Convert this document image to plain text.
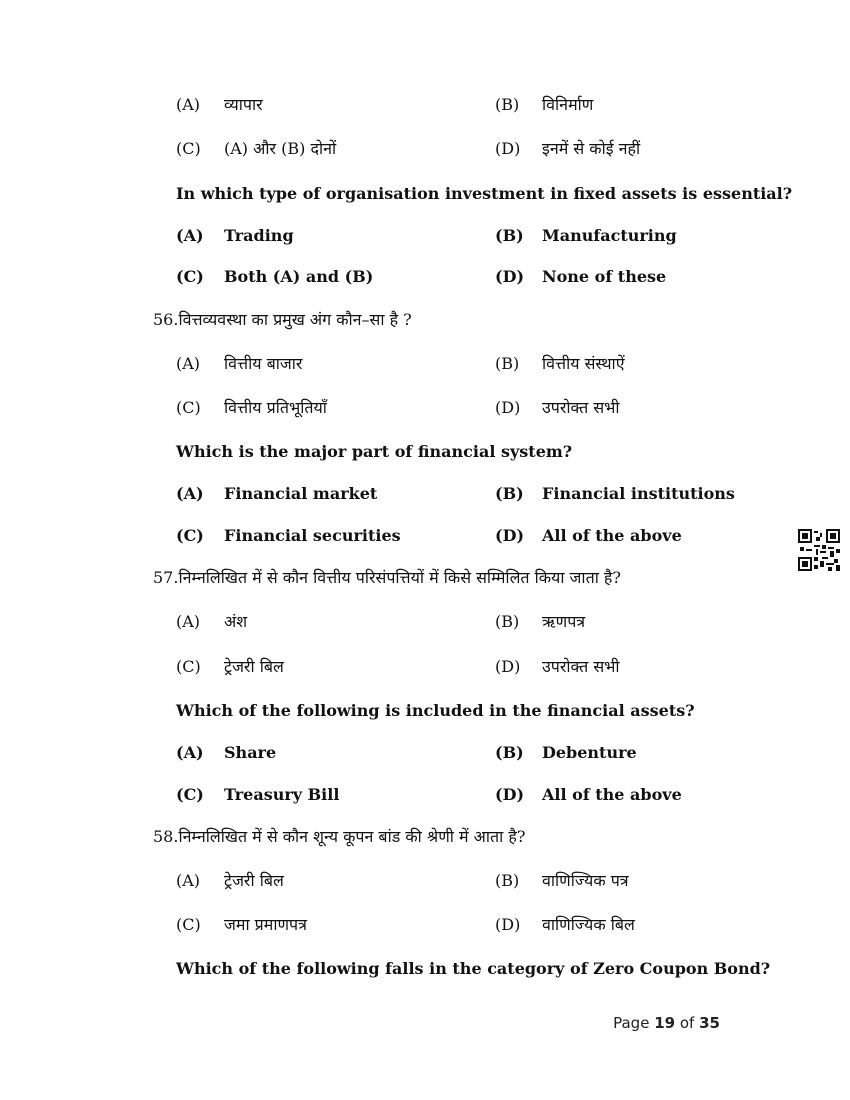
(A) व्यापार	(B) विनिर्माण
(C) (A) और (B) दोनों	(D) इनमें से कोई नहीं
In which type of organisation investment in fixed assets is essential?
(A) Trading	(B) Manufacturing
(C) Both (A) and (B)	(D) None of these
56.वित्तव्यवस्था का प्रमुख अंग कौन–सा है ?
(A) वित्तीय बाजार	(B) वित्तीय संस्थाऐं
(C) वित्तीय प्रतिभूतियाँ	(D) उपरोक्त सभी
Which is the major part of financial system?
(A) Financial market	(B) Financial institutions
(C) Financial securities	(D) All of the above
57.निम्नलिखित में से कौन वित्तीय परिसंपत्तियों में किसे सम्मिलित किया जाता है?
(A) अंश	(B) ऋणपत्र
(C) ट्रेजरी बिल	(D) उपरोक्त सभी
Which of the following is included in the financial assets?
(A) Share	(B) Debenture
(C) Treasury Bill	(D) All of the above
58.निम्नलिखित में से कौन शून्य कूपन बांड की श्रेणी में आता है?
(A) ट्रेजरी बिल	(B) वाणिज्यिक पत्र
(C) जमा प्रमाणपत्र	(D) वाणिज्यिक बिल
Which of the following falls in the category of Zero Coupon Bond?
Page 19 of 35
